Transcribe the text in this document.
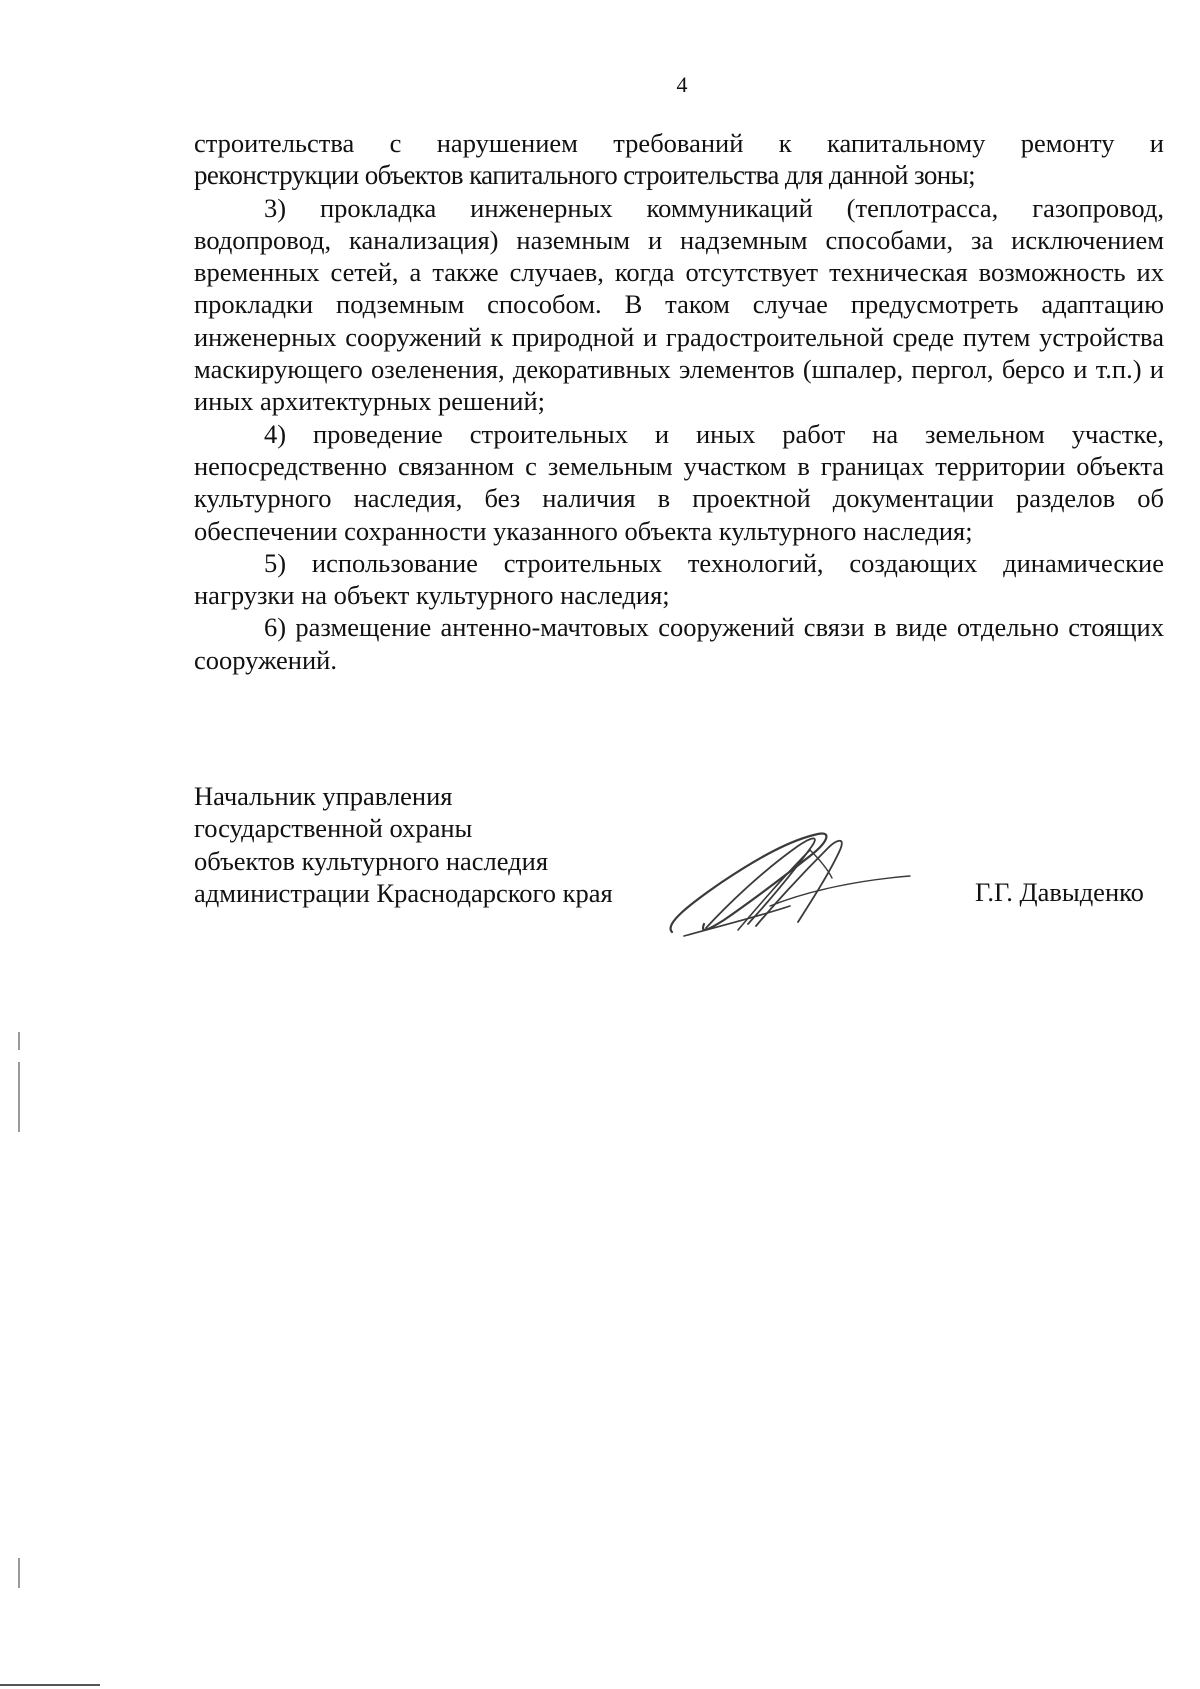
4

строительства с нарушением требований к капитальному ремонту и
реконструкции объектов капитального строительства для данной зоны;

3) прокладка инженерных коммуникаций (теплотрасса, газопровод, водопровод, канализация) наземным и надземным способами, за исключением временных сетей, а также случаев, когда отсутствует техническая возможность их прокладки подземным способом. В таком случае предусмотреть адаптацию инженерных сооружений к природной и градостроительной среде путем устройства маскирующего озеленения, декоративных элементов (шпалер, пергол, берсо и т.п.) и иных архитектурных решений;

4) проведение строительных и иных работ на земельном участке, непосредственно связанном с земельным участком в границах территории объекта культурного наследия, без наличия в проектной документации разделов об обеспечении сохранности указанного объекта культурного наследия;

5) использование строительных технологий, создающих динамические нагрузки на объект культурного наследия;

6) размещение антенно-мачтовых сооружений связи в виде отдельно стоящих сооружений.

Начальник управления
государственной охраны
объектов культурного наследия
администрации Краснодарского края	Г.Г. Давыденко
